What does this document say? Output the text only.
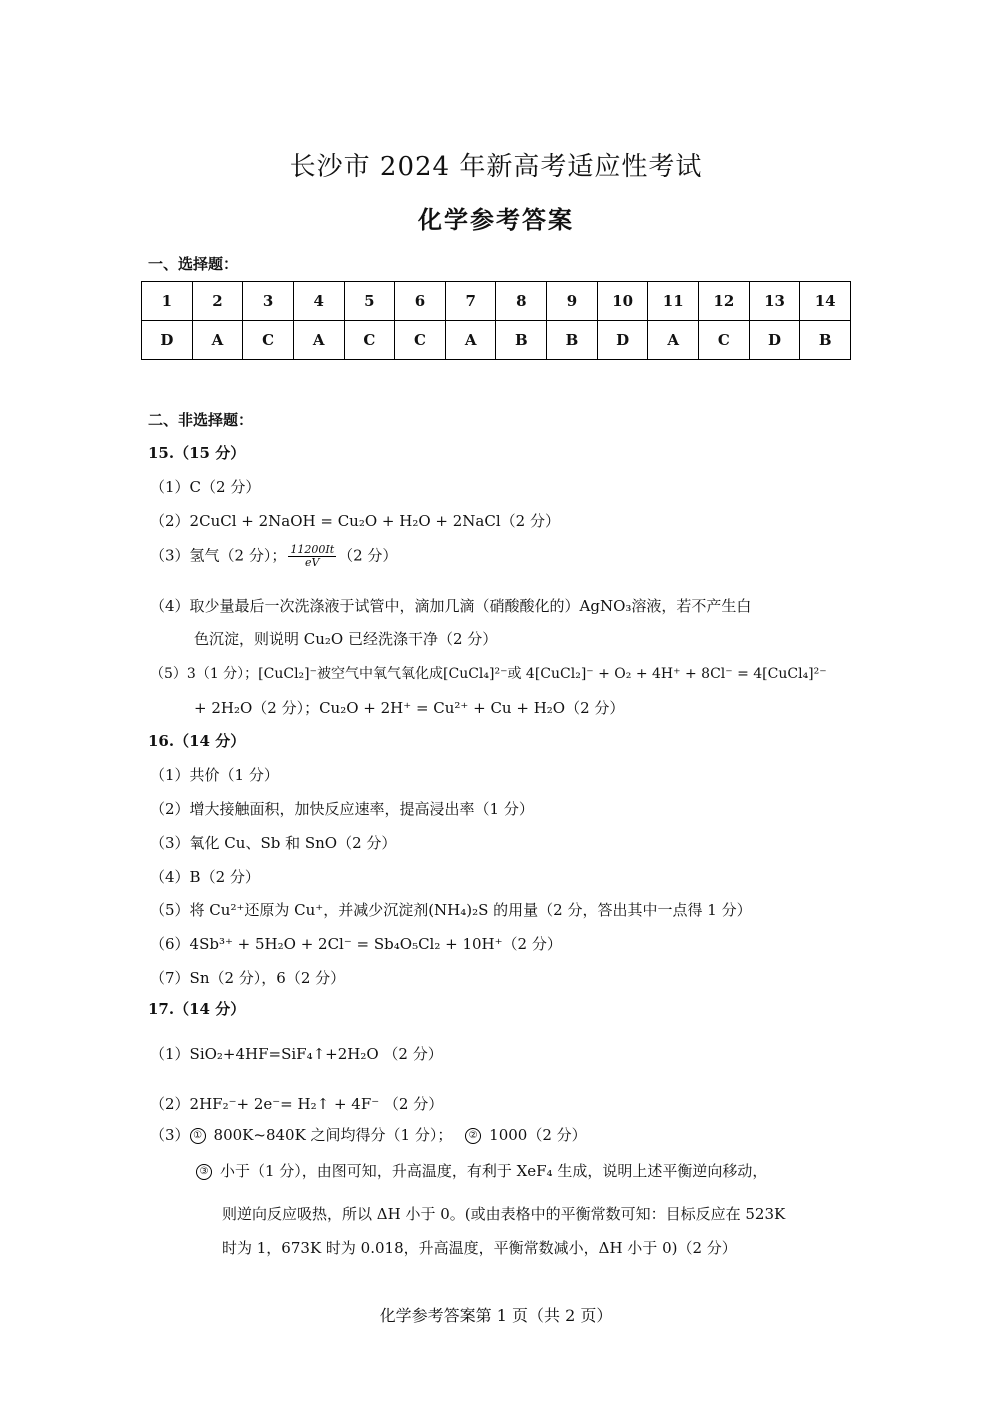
长沙市 2024 年新高考适应性考试
化学参考答案
一、选择题：
1	2	3	4	5	6	7	8	9	10	11	12	13	14
D	A	C	A	C	C	A	B	B	D	A	C	D	B
二、非选择题：
15.（15 分）
（1）C（2 分）
（2）2CuCl + 2NaOH = Cu₂O + H₂O + 2NaCl（2 分）
（3）氢气（2 分）； $\frac{11200It}{eV} (2$ 分）
（4）取少量最后一次洗涤液于试管中，滴加几滴（硝酸酸化的）AgNO₃溶液，若不产生白
色沉淀，则说明 Cu₂O 已经洗涤干净（2 分）
（5）3（1 分）；[CuCl₂]⁻被空气中氧气氧化成[CuCl₄]²⁻或 4[CuCl₂]⁻ + O₂ + 4H⁺ + 8Cl⁻ = 4[CuCl₄]²⁻
+ 2H₂O（2 分）；Cu₂O + 2H⁺ = Cu²⁺ + Cu + H₂O（2 分）
16.（14 分）
（1）共价（1 分）
（2）增大接触面积，加快反应速率，提高浸出率（1 分）
（3）氧化 Cu、Sb 和 SnO（2 分）
（4）B（2 分）
（5）将 Cu²⁺还原为 Cu⁺，并减少沉淀剂(NH₄)₂S 的用量（2 分，答出其中一点得 1 分）
（6）4Sb³⁺ + 5H₂O + 2Cl⁻ = Sb₄O₅Cl₂ + 10H⁺（2 分）
（7）Sn（2 分），6（2 分）
17.（14 分）
（1）SiO₂+4HF=SiF₄↑+2H₂O （2 分）
（2）2HF₂⁻+ 2e⁻= H₂↑ + 4F⁻ （2 分）
（3） ① 800K~840K 之间均得分（1 分）； ② 1000（2 分）
③ 小于（1 分），由图可知，升高温度，有利于 XeF₄ 生成，说明上述平衡逆向移动，
则逆向反应吸热，所以 ΔH 小于 0。(或由表格中的平衡常数可知：目标反应在 523K
时为 1，673K 时为 0.018，升高温度，平衡常数减小，ΔH 小于 0)（2 分）
化学参考答案第 1 页（共 2 页）
